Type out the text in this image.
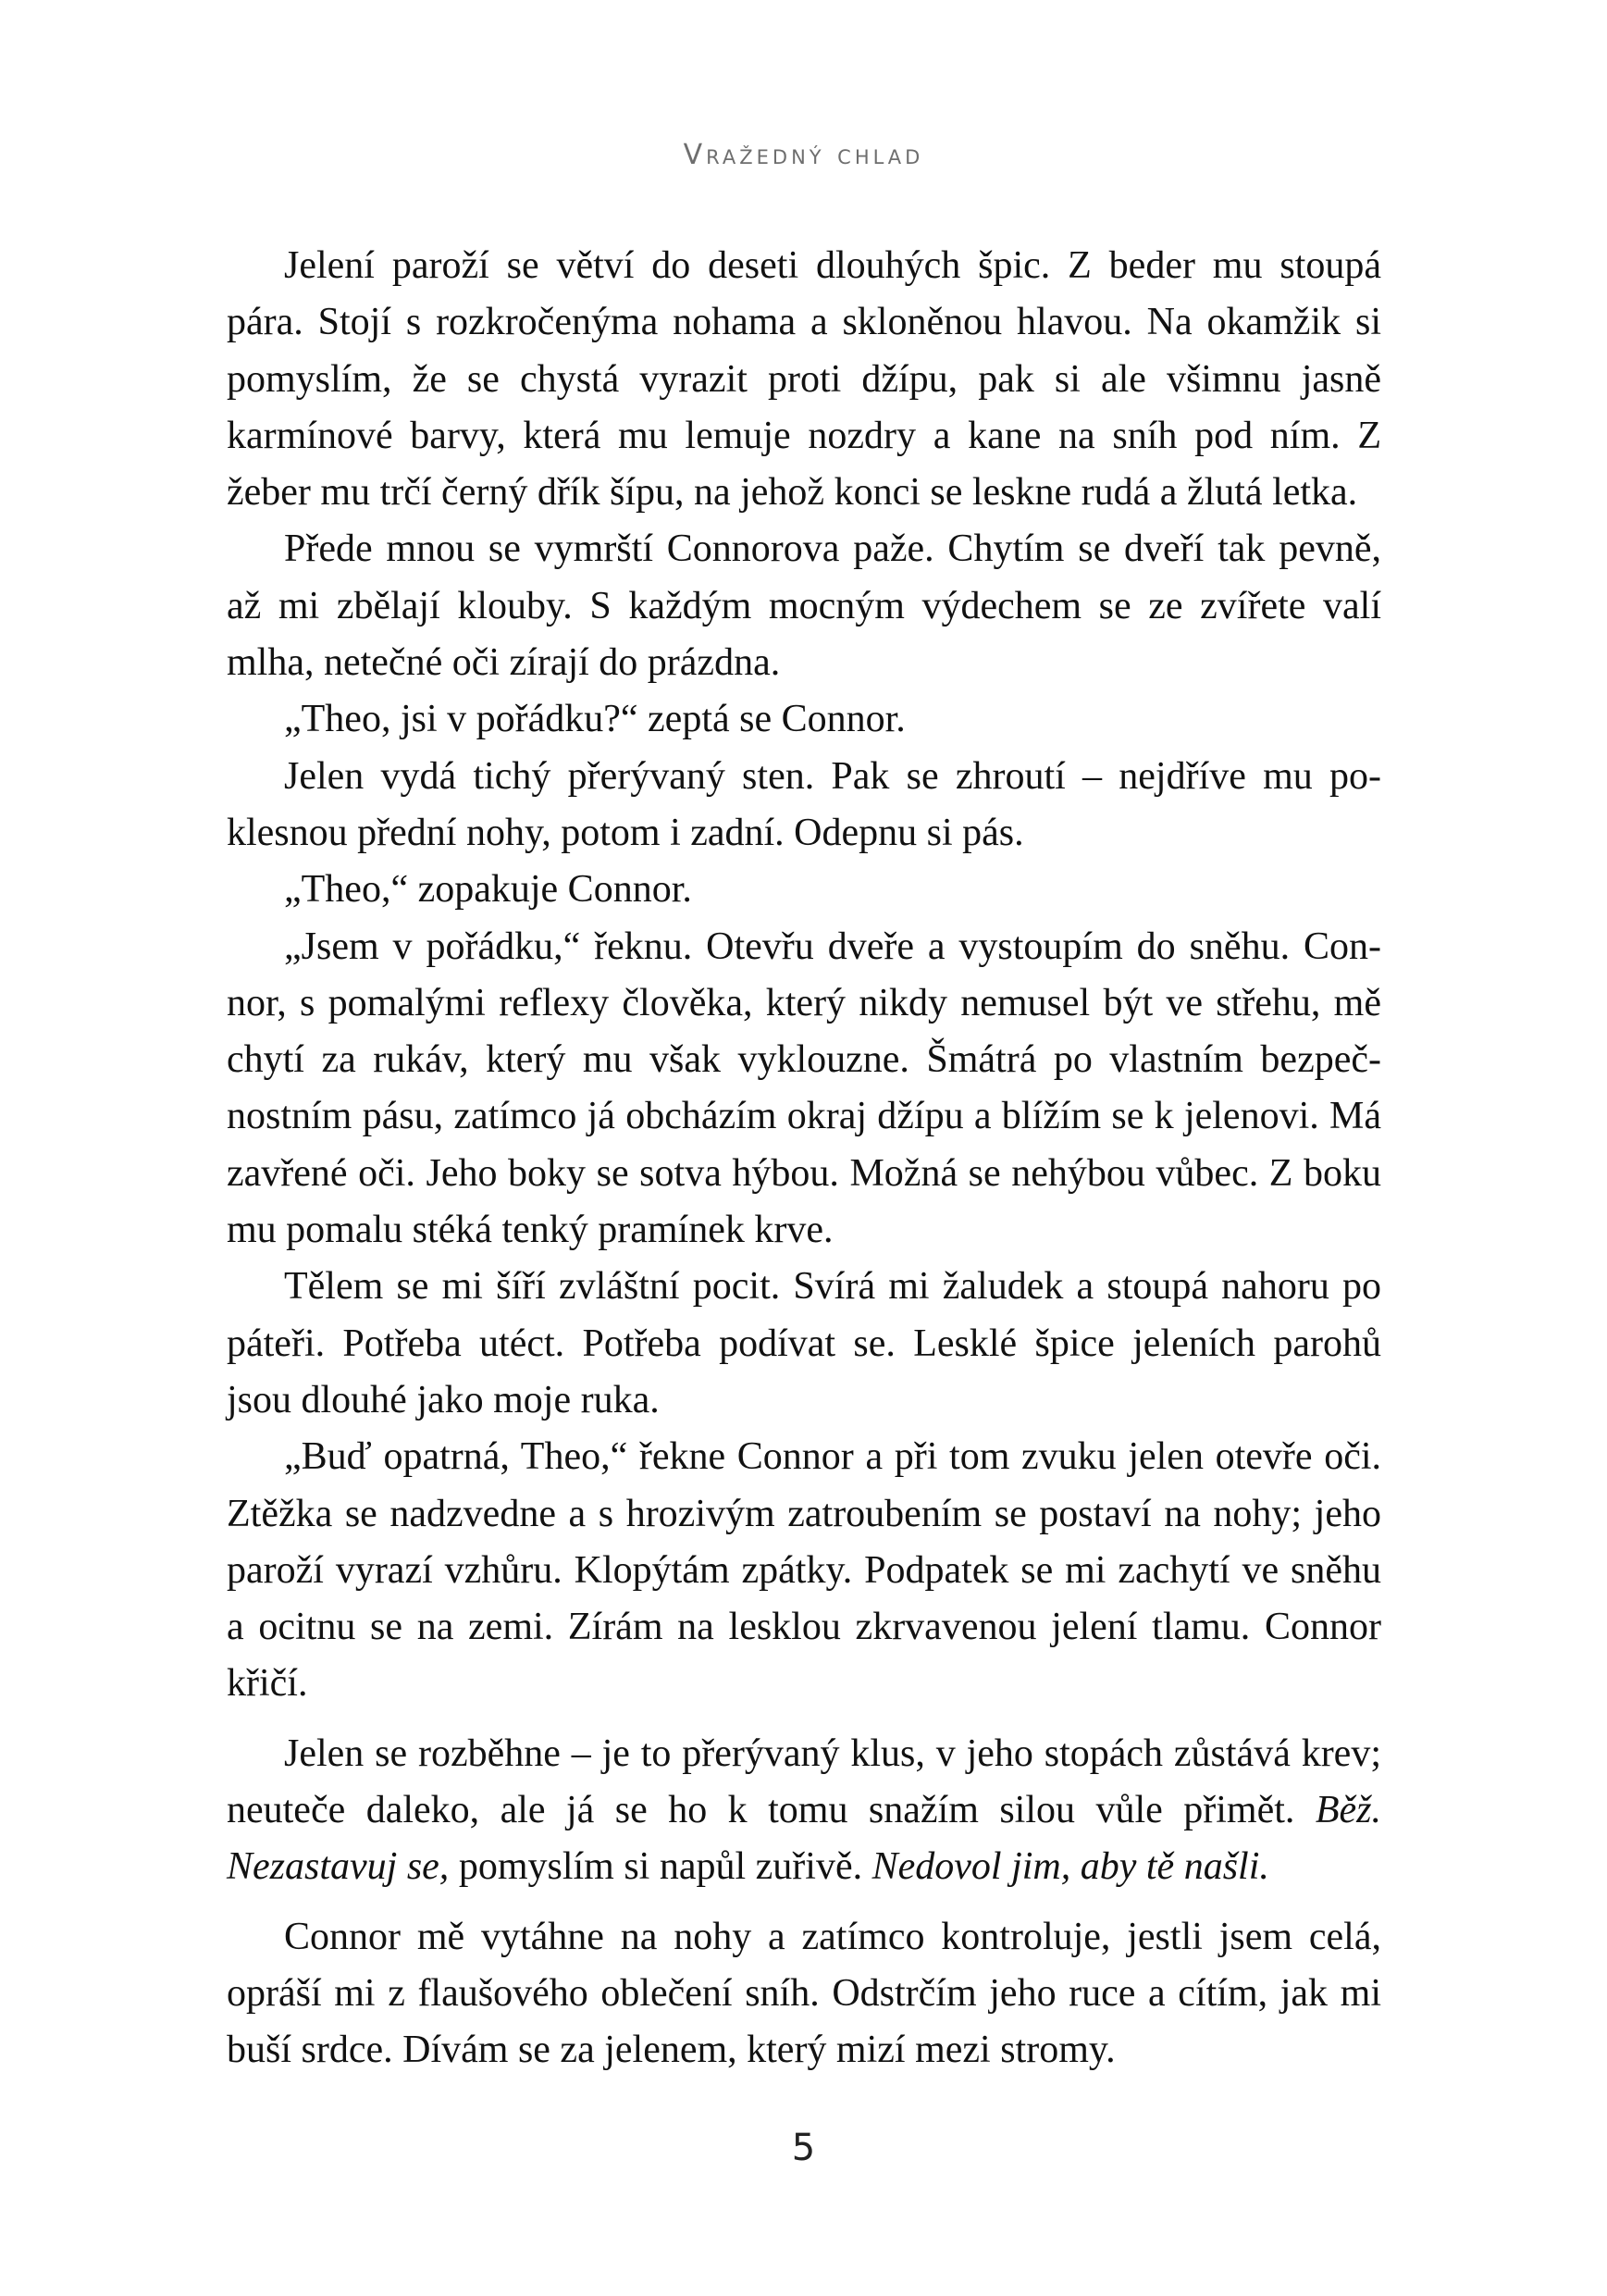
Vražedný chlad

Jelení paroží se větví do deseti dlouhých špic. Z beder mu stoupá pára. Stojí s rozkročenýma nohama a skloněnou hlavou. Na okamžik si pomyslím, že se chystá vyrazit proti džípu, pak si ale všimnu jasně karmínové barvy, která mu lemuje nozdry a kane na sníh pod ním. Z žeber mu trčí černý dřík šípu, na jehož konci se leskne rudá a žlutá letka.

Přede mnou se vymrští Connorova paže. Chytím se dveří tak pevně, až mi zbělají klouby. S každým mocným výdechem se ze zvířete valí mlha, netečné oči zírají do prázdna.

„Theo, jsi v pořádku?“ zeptá se Connor.

Jelen vydá tichý přerývaný sten. Pak se zhroutí – nejdříve mu poklesnou přední nohy, potom i zadní. Odepnu si pás.

„Theo,“ zopakuje Connor.

„Jsem v pořádku,“ řeknu. Otevřu dveře a vystoupím do sněhu. Connor, s pomalými reflexy člověka, který nikdy nemusel být ve střehu, mě chytí za rukáv, který mu však vyklouzne. Šmátrá po vlastním bezpečnostním pásu, zatímco já obcházím okraj džípu a blížím se k jelenovi. Má zavřené oči. Jeho boky se sotva hýbou. Možná se nehýbou vůbec. Z boku mu pomalu stéká tenký pramínek krve.

Tělem se mi šíří zvláštní pocit. Svírá mi žaludek a stoupá nahoru po páteři. Potřeba utéct. Potřeba podívat se. Lesklé špice jeleních parohů jsou dlouhé jako moje ruka.

„Buď opatrná, Theo,“ řekne Connor a při tom zvuku jelen otevře oči. Ztěžka se nadzvedne a s hrozivým zatroubením se postaví na nohy; jeho paroží vyrazí vzhůru. Klopýtám zpátky. Podpatek se mi zachytí ve sněhu a ocitnu se na zemi. Zírám na lesklou zkrvavenou jelení tlamu. Connor křičí.

Jelen se rozběhne – je to přerývaný klus, v jeho stopách zůstává krev; neuteče daleko, ale já se ho k tomu snažím silou vůle přimět. Běž. Nezastavuj se, pomyslím si napůl zuřivě. Nedovol jim, aby tě našli.

Connor mě vytáhne na nohy a zatímco kontroluje, jestli jsem celá, opráší mi z flaušového oblečení sníh. Odstrčím jeho ruce a cítím, jak mi buší srdce. Dívám se za jelenem, který mizí mezi stromy.

5
